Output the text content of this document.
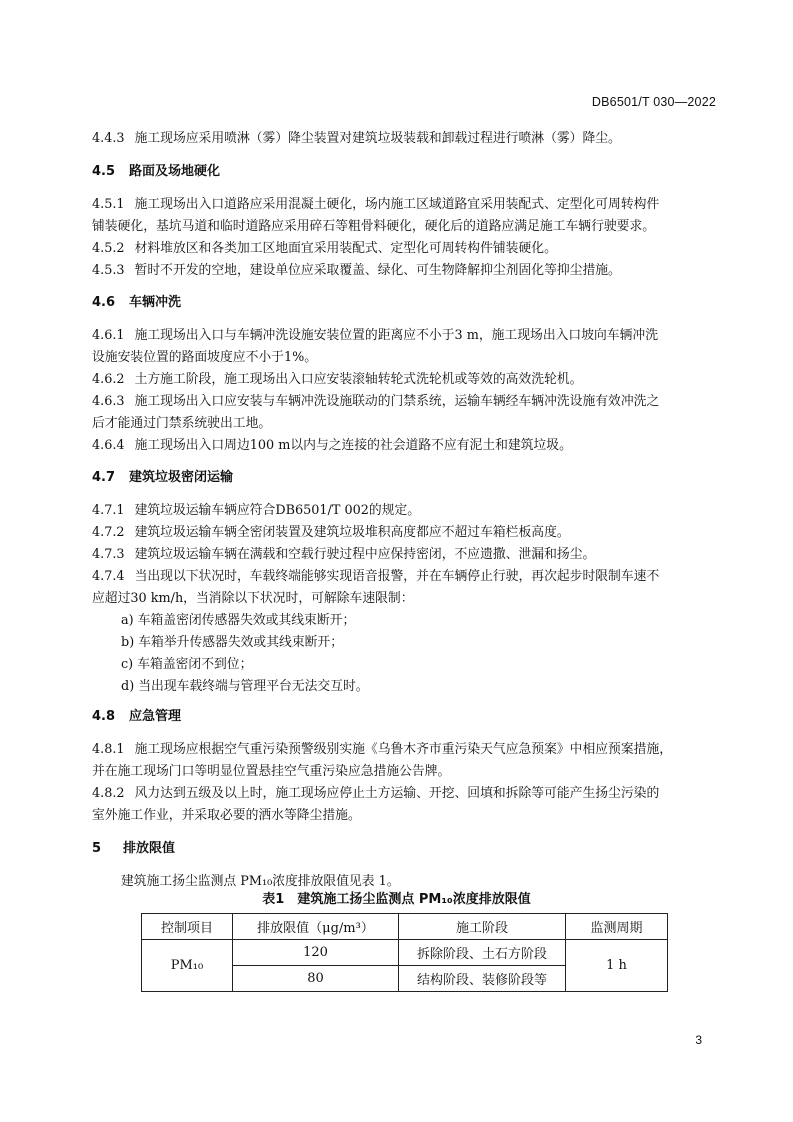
DB6501/T 030—2022
4.4.3 施工现场应采用喷淋（雾）降尘装置对建筑垃圾装载和卸载过程进行喷淋（雾）降尘。
4.5 路面及场地硬化
4.5.1 施工现场出入口道路应采用混凝土硬化，场内施工区域道路宜采用装配式、定型化可周转构件
铺装硬化，基坑马道和临时道路应采用碎石等粗骨料硬化，硬化后的道路应满足施工车辆行驶要求。
4.5.2 材料堆放区和各类加工区地面宜采用装配式、定型化可周转构件铺装硬化。
4.5.3 暂时不开发的空地，建设单位应采取覆盖、绿化、可生物降解抑尘剂固化等抑尘措施。
4.6 车辆冲洗
4.6.1 施工现场出入口与车辆冲洗设施安装位置的距离应不小于3 m，施工现场出入口坡向车辆冲洗
设施安装位置的路面坡度应不小于1%。
4.6.2 土方施工阶段，施工现场出入口应安装滚轴转轮式洗轮机或等效的高效洗轮机。
4.6.3 施工现场出入口应安装与车辆冲洗设施联动的门禁系统，运输车辆经车辆冲洗设施有效冲洗之
后才能通过门禁系统驶出工地。
4.6.4 施工现场出入口周边100 m以内与之连接的社会道路不应有泥土和建筑垃圾。
4.7 建筑垃圾密闭运输
4.7.1 建筑垃圾运输车辆应符合DB6501/T 002的规定。
4.7.2 建筑垃圾运输车辆全密闭装置及建筑垃圾堆积高度都应不超过车箱栏板高度。
4.7.3 建筑垃圾运输车辆在满载和空载行驶过程中应保持密闭，不应遗撒、泄漏和扬尘。
4.7.4 当出现以下状况时，车载终端能够实现语音报警，并在车辆停止行驶，再次起步时限制车速不
应超过30 km/h，当消除以下状况时，可解除车速限制：
a) 车箱盖密闭传感器失效或其线束断开；
b) 车箱举升传感器失效或其线束断开；
c) 车箱盖密闭不到位；
d) 当出现车载终端与管理平台无法交互时。
4.8 应急管理
4.8.1 施工现场应根据空气重污染预警级别实施《乌鲁木齐市重污染天气应急预案》中相应预案措施，
并在施工现场门口等明显位置悬挂空气重污染应急措施公告牌。
4.8.2 风力达到五级及以上时，施工现场应停止土方运输、开挖、回填和拆除等可能产生扬尘污染的
室外施工作业，并采取必要的洒水等降尘措施。
5 排放限值
建筑施工扬尘监测点 PM₁₀浓度排放限值见表 1。
表1　建筑施工扬尘监测点 PM₁₀浓度排放限值
控制项目	排放限值（μg/m³）	施工阶段	监测周期
PM₁₀	120	拆除阶段、土石方阶段	1 h
	80	结构阶段、装修阶段等	
3
